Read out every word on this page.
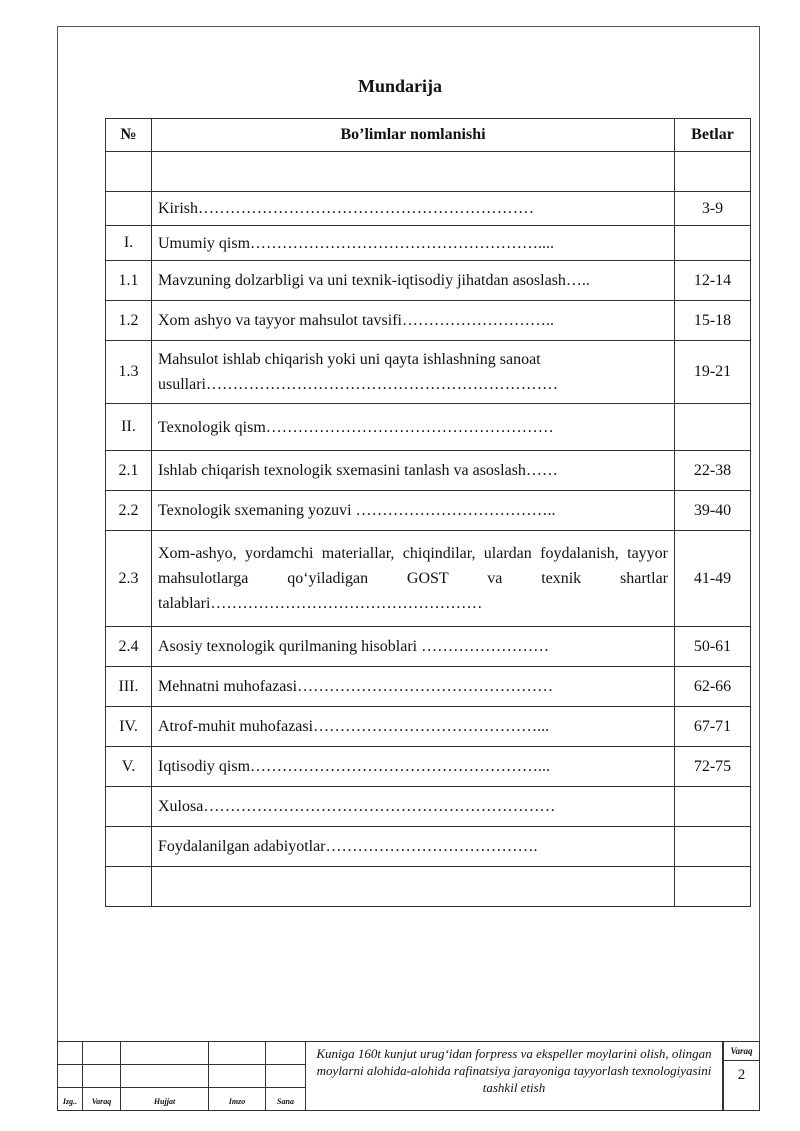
Mundarija
№	Bo’limlar nomlanishi	Betlar

	Kirish………………………………………………………	3-9
I.	Umumiy qism………………………………………………....	
1.1	Mavzuning dolzarbligi va uni texnik-iqtisodiy jihatdan asoslash…..	12-14
1.2	Xom ashyo va tayyor mahsulot tavsifi………………………..	15-18
1.3	Mahsulot ishlab chiqarish yoki uni qayta ishlashning sanoat usullari…………………………………………………………	19-21
II.	Texnologik qism………………………………………………	
2.1	Ishlab chiqarish texnologik sxemasini tanlash va asoslash……	22-38
2.2	Texnologik sxemaning yozuvi ………………………………..	39-40
2.3	Xom-ashyo, yordamchi materiallar, chiqindilar, ulardan foydalanish, tayyor mahsulotlarga qo‘yiladigan GOST va texnik shartlar talablari……………………………………………	41-49
2.4	Asosiy texnologik qurilmaning hisoblari ……………………	50-61
III.	Mehnatni muhofazasi…………………………………………	62-66
IV.	Atrof-muhit muhofazasi……………………………………...	67-71
V.	Iqtisodiy qism………………………………………………...	72-75
	Xulosa…………………………………………………………	
	Foydalanilgan adabiyotlar………………………………….	

Izg..	Varaq	Hujjat	Imzo	Sana
Kuniga 160t kunjut urug‘idan forpress va ekspeller moylarini olish, olingan moylarni alohida-alohida rafinatsiya jarayoniga tayyorlash texnologiyasini tashkil etish
Varaq
2
